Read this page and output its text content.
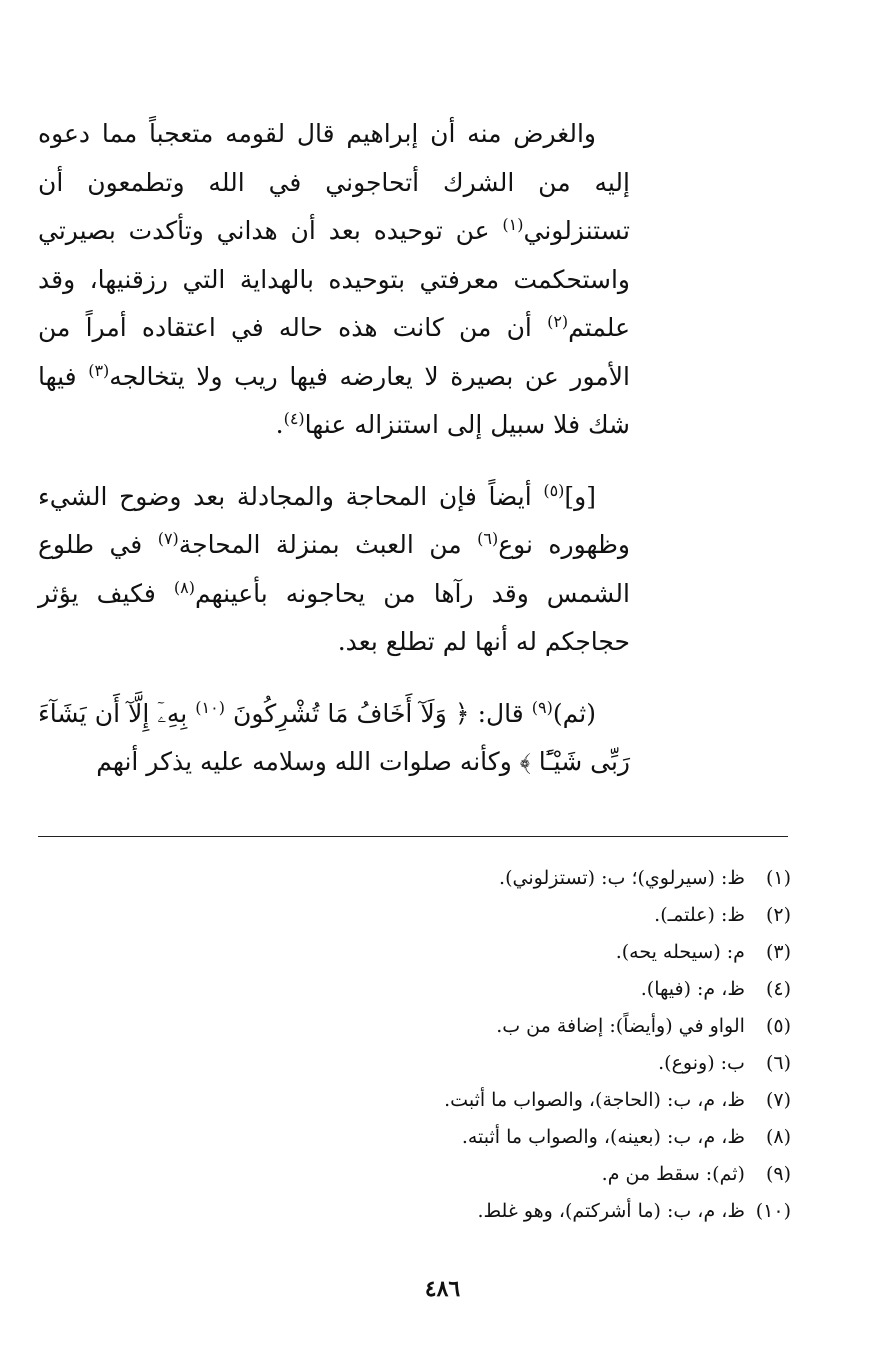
والغرض منه أن إبراهيم قال لقومه متعجباً مما دعوه إليه من الشرك أتحاجوني في الله وتطمعون أن تستنزلوني$^{(١)}$ عن توحيده بعد أن هداني وتأكدت بصيرتي واستحكمت معرفتي بتوحيده بالهداية التي رزقنيها، وقد علمتم$^{(٢)}$ أن من كانت هذه حاله في اعتقاده أمراً من الأمور عن بصيرة لا يعارضه فيها ريب ولا يتخالجه$^{(٣)}$ فيها شك فلا سبيل إلى استنزاله عنها$^{(٤)}$.

[و]$^{(٥)}$ أيضاً فإن المحاجة والمجادلة بعد وضوح الشيء وظهوره نوع$^{(٦)}$ من العبث بمنزلة المحاجة$^{(٧)}$ في طلوع الشمس وقد رآها من يحاجونه بأعينهم$^{(٨)}$ فكيف يؤثر حجاجكم له أنها لم تطلع بعد.

(ثم)$^{(٩)}$ قال: ﴿ وَلَآ أَخَافُ مَا تُشْرِكُونَ $^{(١٠)}$ بِهِۦٓ إِلَّآ أَن يَشَآءَ رَبِّى شَيْـًٔا ﴾ وكأنه صلوات الله وسلامه عليه يذكر أنهم

(١) ظ: (سيرلوي)؛ ب: (تستزلوني).
(٢) ظ: (علتمـ).
(٣) م: (سيحله يحه).
(٤) ظ، م: (فيها).
(٥) الواو في (وأيضاً): إضافة من ب.
(٦) ب: (ونوع).
(٧) ظ، م، ب: (الحاجة)، والصواب ما أثبت.
(٨) ظ، م، ب: (بعينه)، والصواب ما أثبته.
(٩) (ثم): سقط من م.
(١٠) ظ، م، ب: (ما أشركتم)، وهو غلط.
٤٨٦
